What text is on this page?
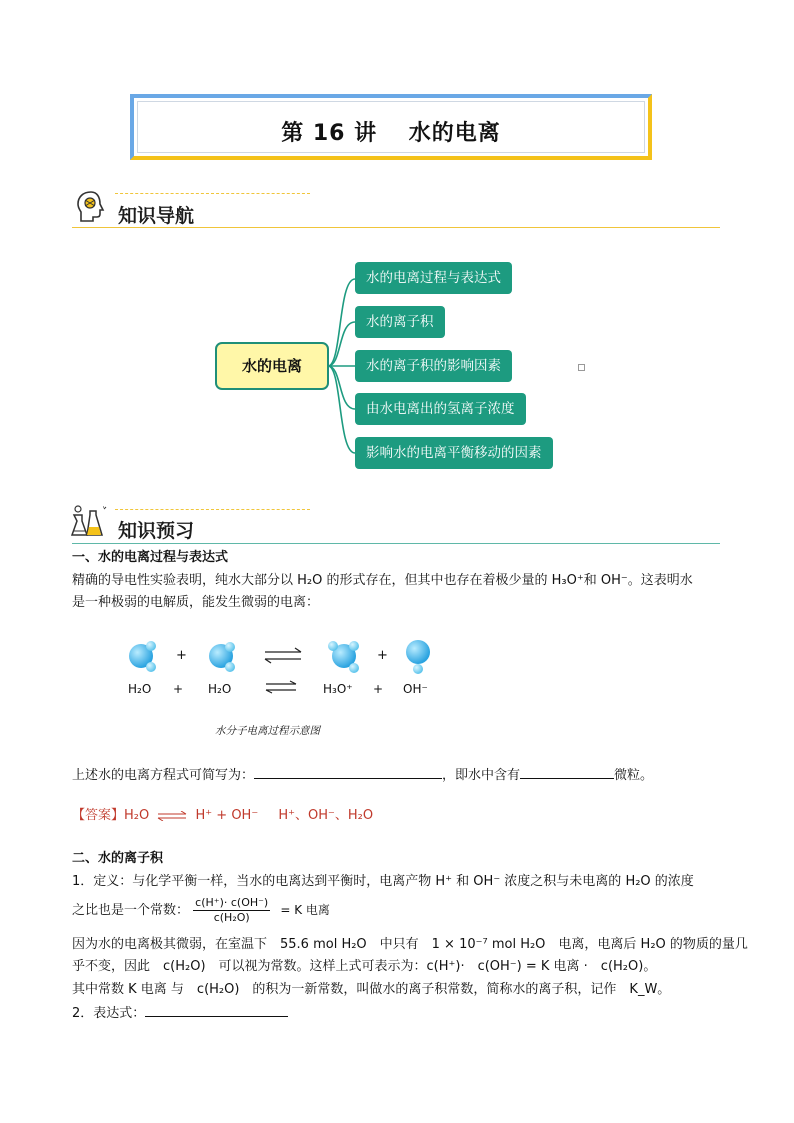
第 16 讲　 水的电离
知识导航
水的电离
水的电离过程与表达式
水的离子积
水的离子积的影响因素
由水电离出的氢离子浓度
影响水的电离平衡移动的因素
知识预习
一、水的电离过程与表达式
精确的导电性实验表明，纯水大部分以 H₂O 的形式存在，但其中也存在着极少量的 H₃O⁺和 OH⁻。这表明水
是一种极弱的电解质，能发生微弱的电离：
+	+
H₂O + H₂O	H₃O⁺ + OH⁻
水分子电离过程示意图
上述水的电离方程式可简写为：	，即水中含有	微粒。
【答案】H₂O ⇌ H⁺ + OH⁻ H⁺、OH⁻、H₂O
二、水的离子积
1．定义：与化学平衡一样，当水的电离达到平衡时，电离产物 H⁺ 和 OH⁻ 浓度之积与未电离的 H₂O 的浓度
之比也是一个常数： $\frac{c(H^+)\cdot c(OH^-)}{\text{c(H₂O)}} = K$ 电离
因为水的电离极其微弱，在室温下　55.6 mol H₂O　中只有　1 × 10⁻⁷ mol H₂O　电离，电离后 H₂O 的物质的量几
乎不变，因此　c(H₂O)　可以视为常数。这样上式可表示为：c(H⁺)·　c(OH⁻) = K 电离 ·　c(H₂O)。
其中常数 K 电离 与　c(H₂O)　的积为一新常数，叫做水的离子积常数，简称水的离子积，记作　K_W。
2．表达式：
